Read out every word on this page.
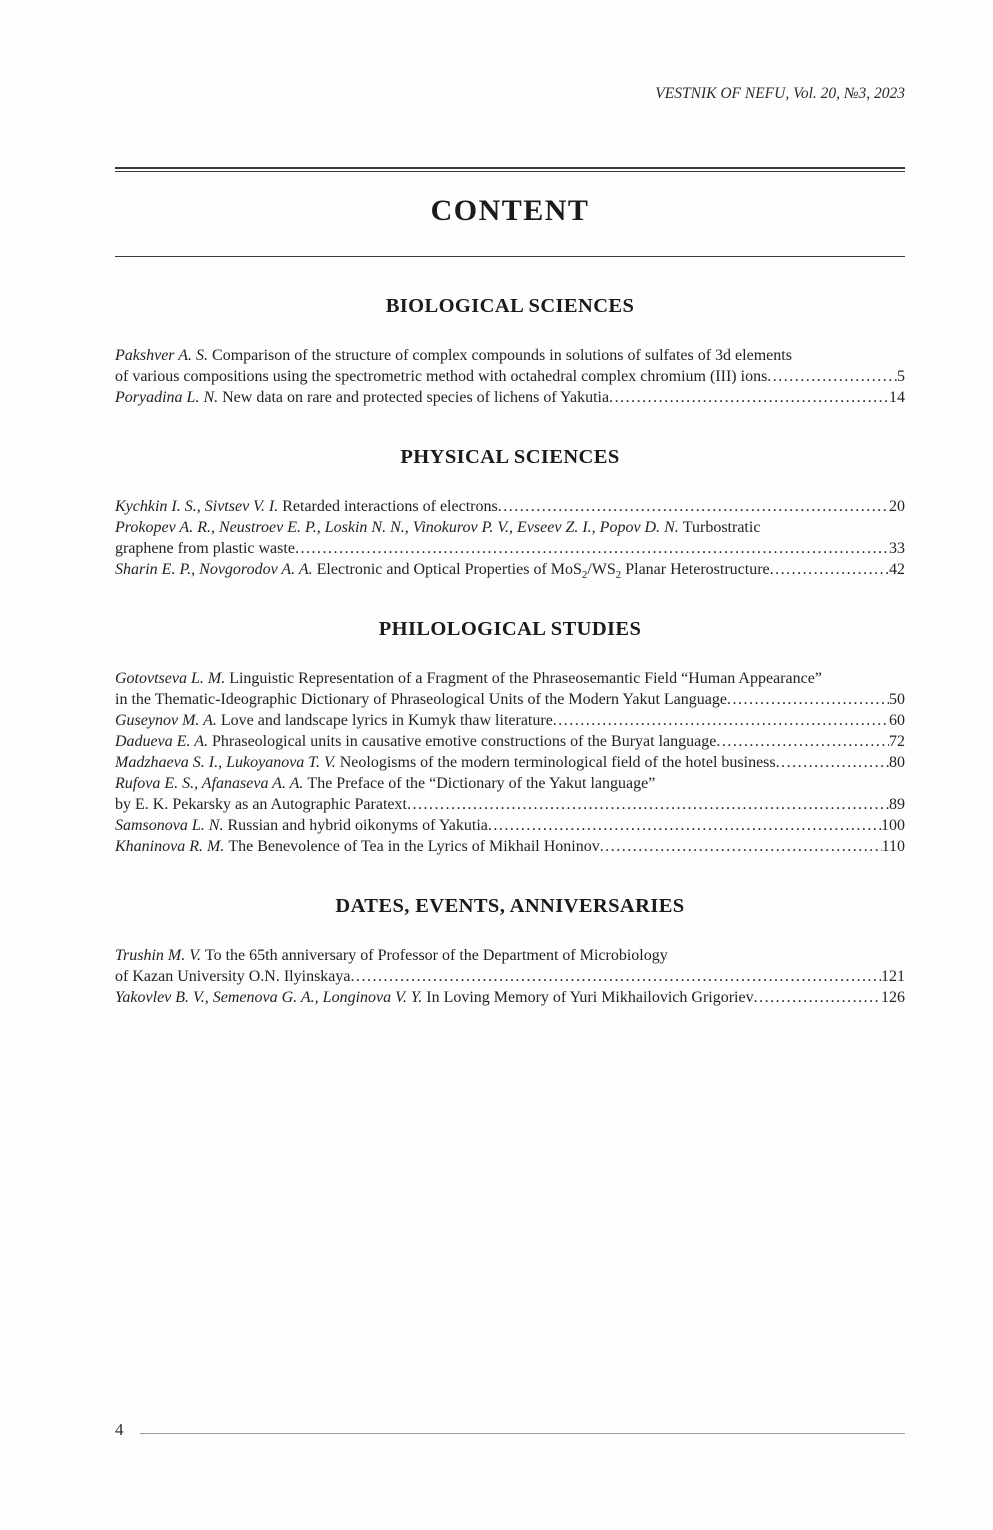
VESTNIK OF NEFU, Vol. 20, №3, 2023
CONTENT
BIOLOGICAL SCIENCES
Pakshver A. S. Comparison of the structure of complex compounds in solutions of sulfates of 3d elements
of various compositions using the spectrometric method with octahedral complex chromium (III) ions .....	5
Poryadina L. N. New data on rare and protected species of lichens of Yakutia .....	14
PHYSICAL SCIENCES
Kychkin I. S., Sivtsev V. I. Retarded interactions of electrons .....	20
Prokopev A. R., Neustroev E. P., Loskin N. N., Vinokurov P. V., Evseev Z. I., Popov D. N. Turbostratic
graphene from plastic waste .....	33
Sharin E. P., Novgorodov A. A. Electronic and Optical Properties of $MoS_2/WS_2$ Planar Heterostructure .....	42
PHILOLOGICAL STUDIES
Gotovtseva L. M. Linguistic Representation of a Fragment of the Phraseosemantic Field “Human Appearance”
in the Thematic-Ideographic Dictionary of Phraseological Units of the Modern Yakut Language .....	50
Guseynov M. A. Love and landscape lyrics in Kumyk thaw literature .....	60
Dadueva E. A. Phraseological units in causative emotive constructions of the Buryat language .....	72
Madzhaeva S. I., Lukoyanova T. V. Neologisms of the modern terminological field of the hotel business .....	80
Rufova E. S., Afanaseva A. A. The Preface of the “Dictionary of the Yakut language”
by E. K. Pekarsky as an Autographic Paratext .....	89
Samsonova L. N. Russian and hybrid oikonyms of Yakutia .....	100
Khaninova R. M. The Benevolence of Tea in the Lyrics of Mikhail Honinov .....	110
DATES, EVENTS, ANNIVERSARIES
Trushin M. V. To the 65th anniversary of Professor of the Department of Microbiology
of Kazan University O.N. Ilyinskaya .....	121
Yakovlev B. V., Semenova G. A., Longinova V. Y. In Loving Memory of Yuri Mikhailovich Grigoriev .....	126
4
